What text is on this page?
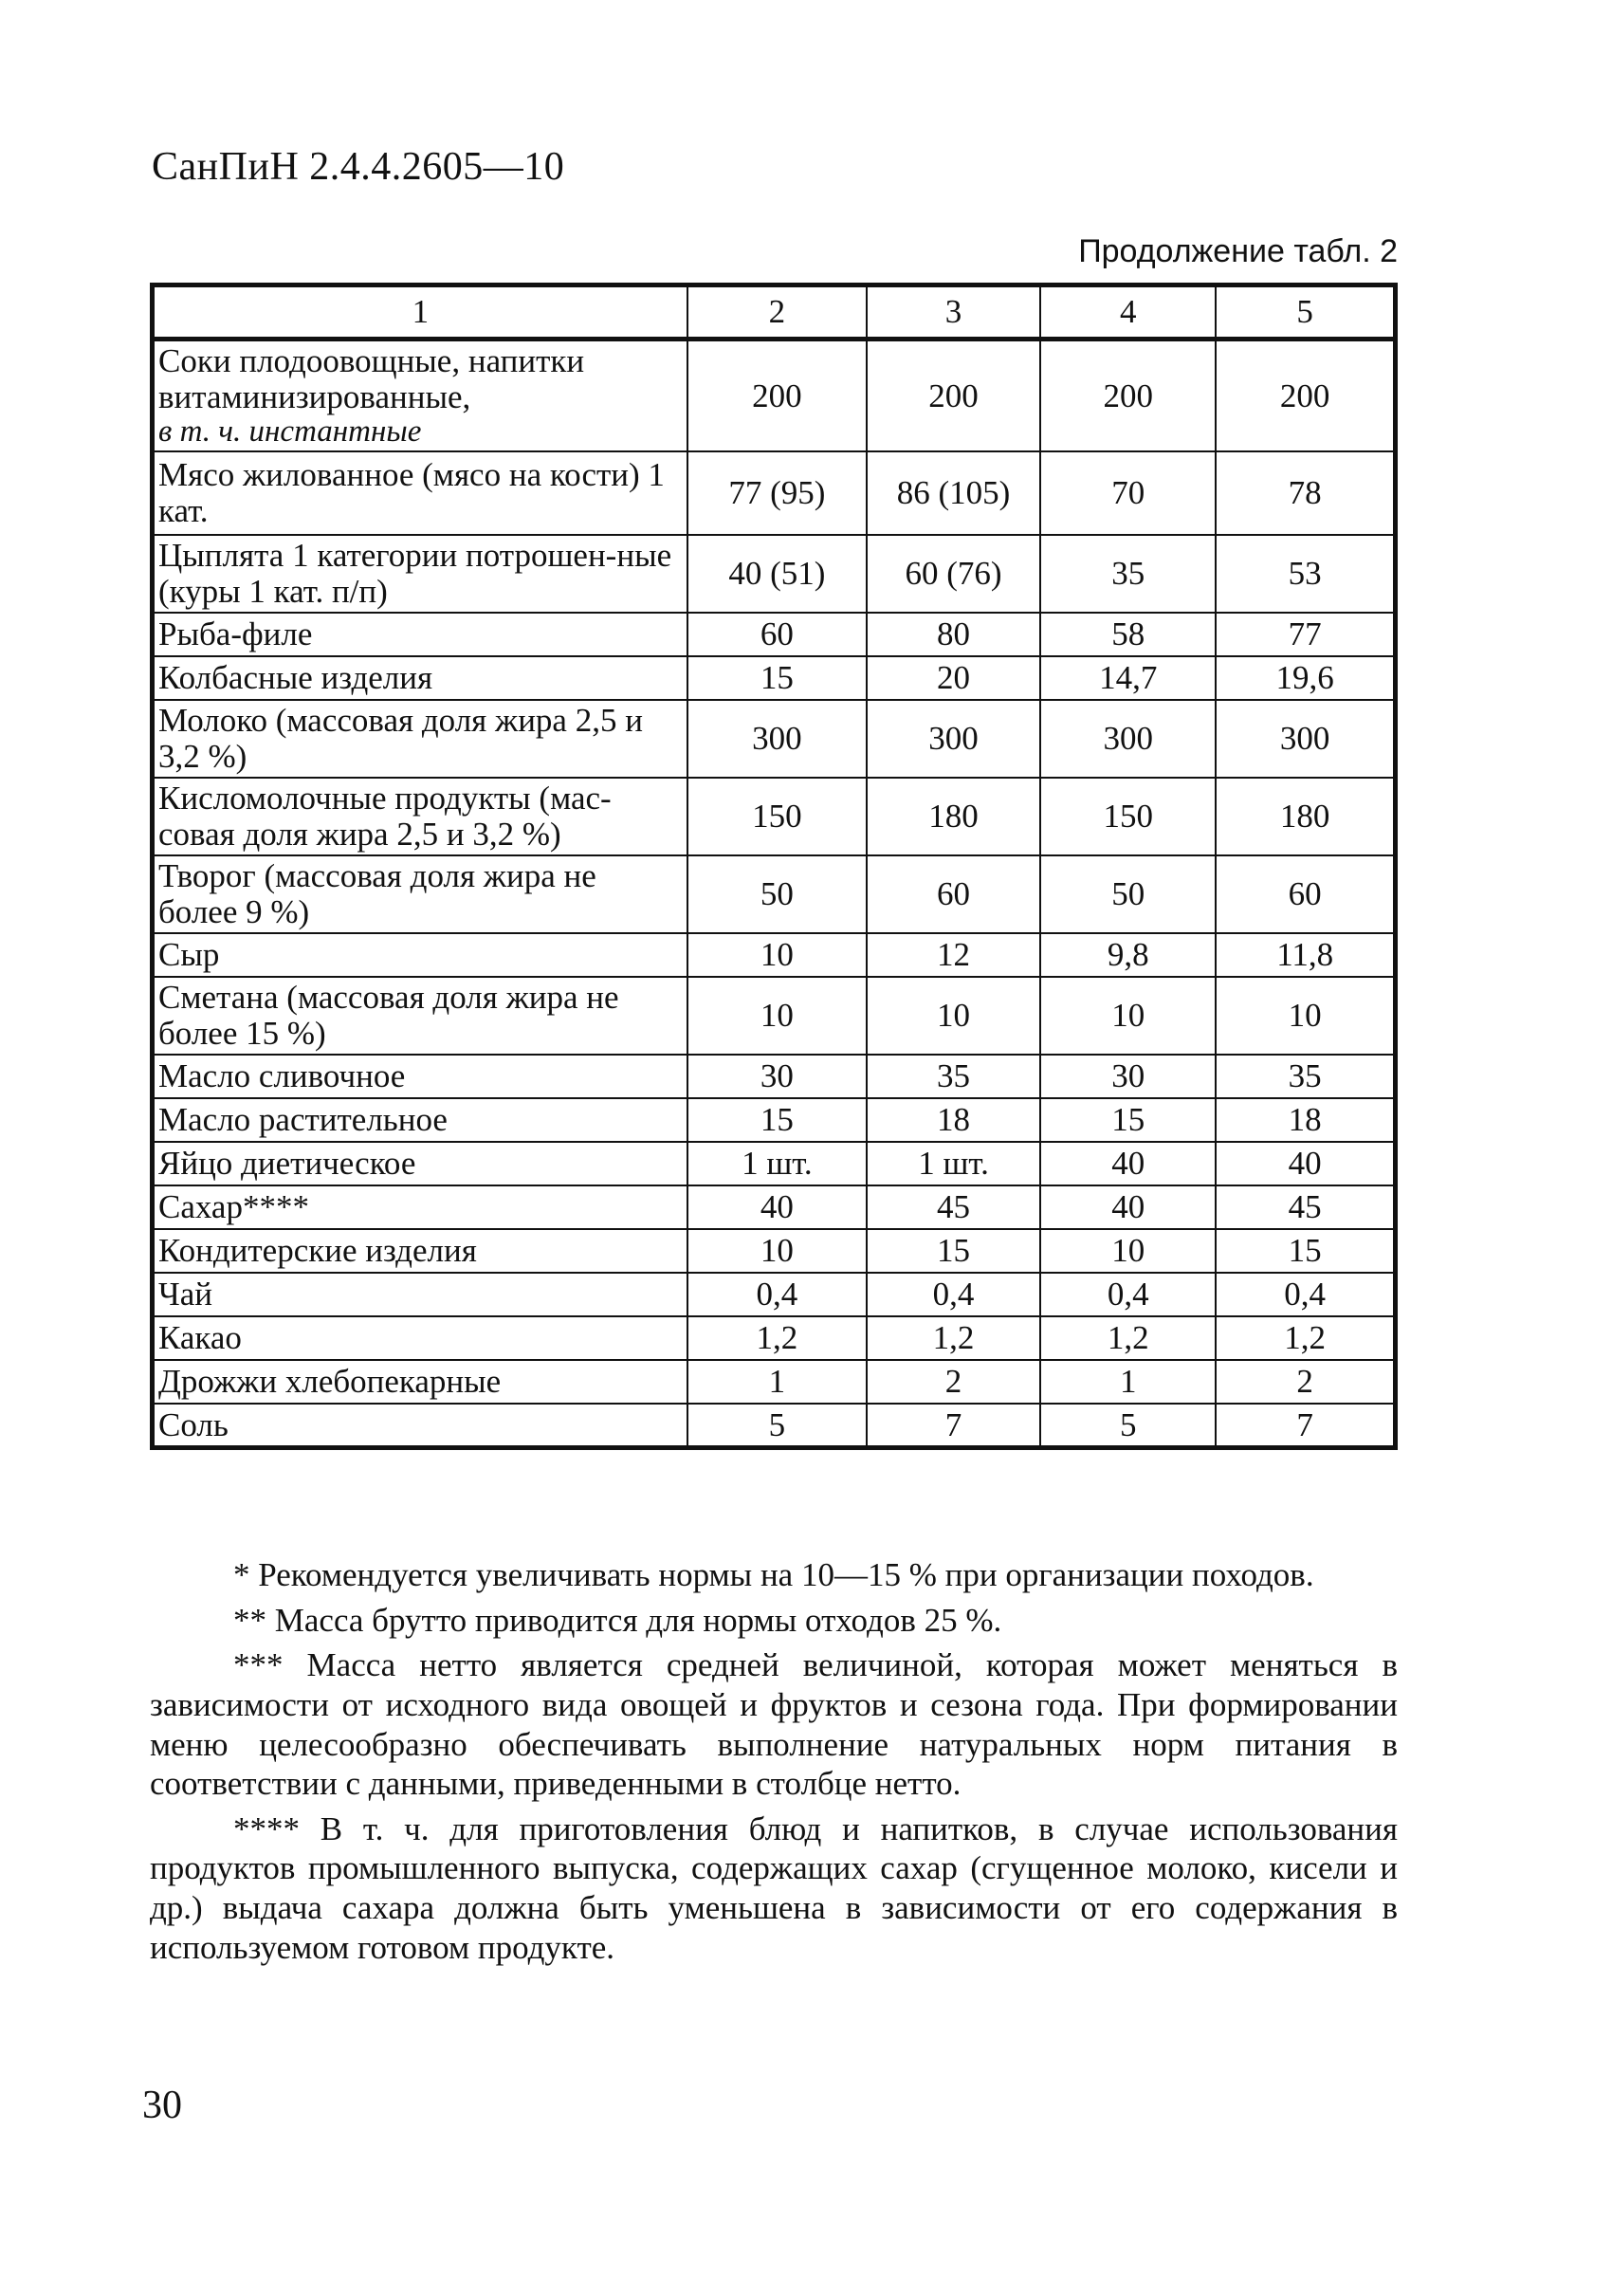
СанПиН 2.4.4.2605—10
Продолжение табл. 2
1	2	3	4	5
Соки плодоовощные, напитки витаминизированные,
в т. ч. инстантные	200	200	200	200
Мясо жилованное (мясо на кости) 1 кат.	77 (95)	86 (105)	70	78
Цыплята 1 категории потрошен-ные (куры 1 кат. п/п)	40 (51)	60 (76)	35	53
Рыба-филе	60	80	58	77
Колбасные изделия	15	20	14,7	19,6
Молоко (массовая доля жира 2,5 и 3,2 %)	300	300	300	300
Кисломолочные продукты (мас-совая доля жира 2,5 и 3,2 %)	150	180	150	180
Творог (массовая доля жира не более 9 %)	50	60	50	60
Сыр	10	12	9,8	11,8
Сметана (массовая доля жира не более 15 %)	10	10	10	10
Масло сливочное	30	35	30	35
Масло растительное	15	18	15	18
Яйцо диетическое	1 шт.	1 шт.	40	40
Сахар****	40	45	40	45
Кондитерские изделия	10	15	10	15
Чай	0,4	0,4	0,4	0,4
Какао	1,2	1,2	1,2	1,2
Дрожжи хлебопекарные	1	2	1	2
Соль	5	7	5	7

* Рекомендуется увеличивать нормы на 10—15 % при организации походов.

** Масса брутто приводится для нормы отходов 25 %.

*** Масса нетто является средней величиной, которая может меняться в зависимости от исходного вида овощей и фруктов и сезона года. При формировании меню целесообразно обеспечивать выполнение натуральных норм питания в соответствии с данными, приведенными в столбце нетто.

**** В т. ч. для приготовления блюд и напитков, в случае использования продуктов промышленного выпуска, содержащих сахар (сгущенное молоко, кисели и др.) выдача сахара должна быть уменьшена в зависимости от его содержания в используемом готовом продукте.

30
